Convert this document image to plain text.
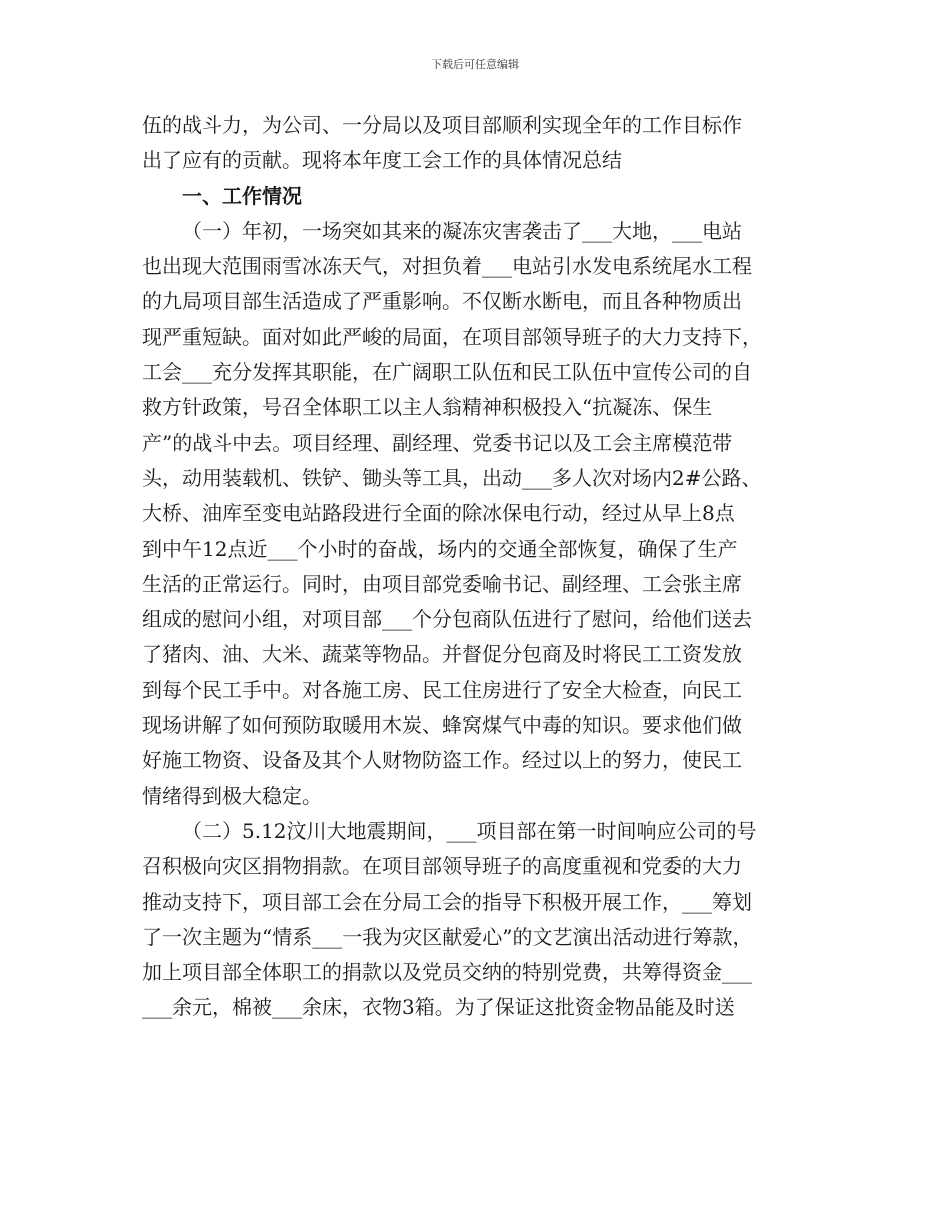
下载后可任意编辑
伍的战斗力，为公司、一分局以及项目部顺利实现全年的工作目标作
出了应有的贡献。现将本年度工会工作的具体情况总结
一、工作情况
（一）年初，一场突如其来的凝冻灾害袭击了___大地，___电站
也出现大范围雨雪冰冻天气，对担负着___电站引水发电系统尾水工程
的九局项目部生活造成了严重影响。不仅断水断电，而且各种物质出
现严重短缺。面对如此严峻的局面，在项目部领导班子的大力支持下，
工会___充分发挥其职能，在广阔职工队伍和民工队伍中宣传公司的自
救方针政策，号召全体职工以主人翁精神积极投入“抗凝冻、保生
产”的战斗中去。项目经理、副经理、党委书记以及工会主席模范带
头，动用装载机、铁铲、锄头等工具，出动___多人次对场内2#公路、
大桥、油库至变电站路段进行全面的除冰保电行动，经过从早上8点
到中午12点近___个小时的奋战，场内的交通全部恢复，确保了生产
生活的正常运行。同时，由项目部党委喻书记、副经理、工会张主席
组成的慰问小组，对项目部___个分包商队伍进行了慰问，给他们送去
了猪肉、油、大米、蔬菜等物品。并督促分包商及时将民工工资发放
到每个民工手中。对各施工房、民工住房进行了安全大检查，向民工
现场讲解了如何预防取暖用木炭、蜂窝煤气中毒的知识。要求他们做
好施工物资、设备及其个人财物防盗工作。经过以上的努力，使民工
情绪得到极大稳定。
（二）5.12汶川大地震期间，___项目部在第一时间响应公司的号
召积极向灾区捐物捐款。在项目部领导班子的高度重视和党委的大力
推动支持下，项目部工会在分局工会的指导下积极开展工作，___筹划
了一次主题为“情系___一我为灾区献爱心”的文艺演出活动进行筹款，
加上项目部全体职工的捐款以及党员交纳的特别党费，共筹得资金___
___余元，棉被___余床，衣物3箱。为了保证这批资金物品能及时送
